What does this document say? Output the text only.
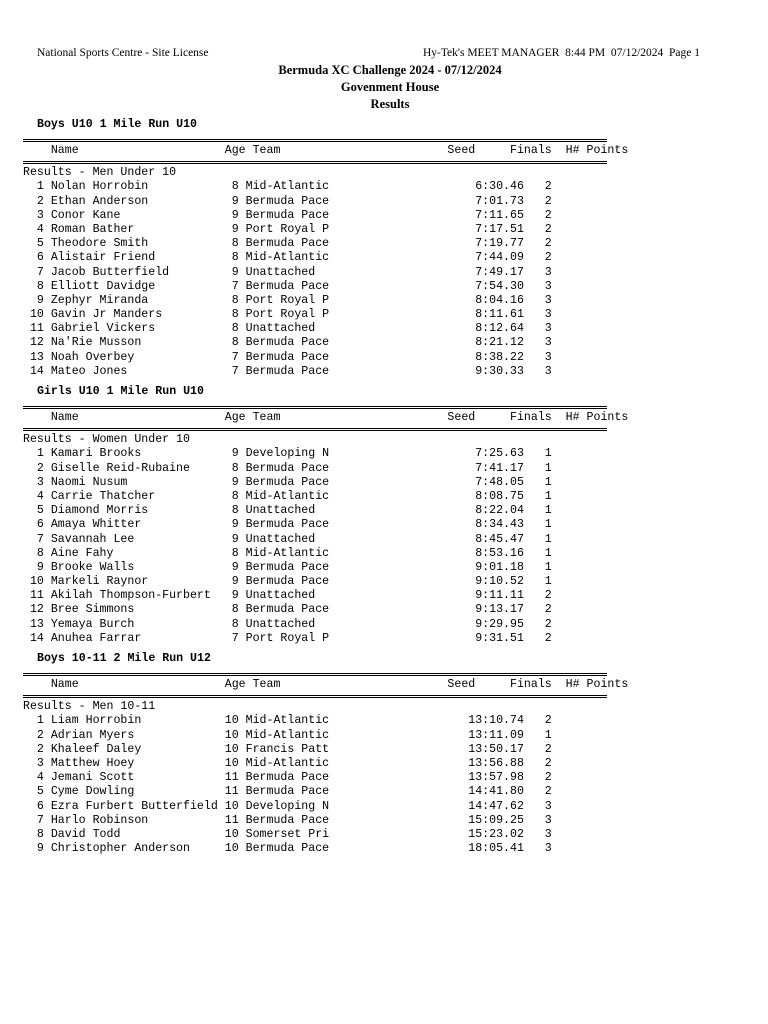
National Sports Centre - Site License	Hy-Tek's MEET MANAGER  8:44 PM  07/12/2024  Page 1
Bermuda XC Challenge 2024 - 07/12/2024
Govenment House
Results
Boys U10 1 Mile Run U10
Name                     Age Team                        Seed     Finals  H# Points
Results - Men Under 10
1 Nolan Horrobin            8 Mid-Atlantic                     6:30.46   2
2 Ethan Anderson            9 Bermuda Pace                     7:01.73   2
3 Conor Kane                9 Bermuda Pace                     7:11.65   2
4 Roman Bather              9 Port Royal P                     7:17.51   2
5 Theodore Smith            8 Bermuda Pace                     7:19.77   2
6 Alistair Friend           8 Mid-Atlantic                     7:44.09   2
7 Jacob Butterfield         9 Unattached                       7:49.17   3
8 Elliott Davidge           7 Bermuda Pace                     7:54.30   3
9 Zephyr Miranda            8 Port Royal P                     8:04.16   3
10 Gavin Jr Manders          8 Port Royal P                     8:11.61   3
11 Gabriel Vickers           8 Unattached                       8:12.64   3
12 Na'Rie Musson             8 Bermuda Pace                     8:21.12   3
13 Noah Overbey              7 Bermuda Pace                     8:38.22   3
14 Mateo Jones               7 Bermuda Pace                     9:30.33   3
Girls U10 1 Mile Run U10
Name                     Age Team                        Seed     Finals  H# Points
Results - Women Under 10
1 Kamari Brooks             9 Developing N                     7:25.63   1
2 Giselle Reid-Rubaine      8 Bermuda Pace                     7:41.17   1
3 Naomi Nusum               9 Bermuda Pace                     7:48.05   1
4 Carrie Thatcher           8 Mid-Atlantic                     8:08.75   1
5 Diamond Morris            8 Unattached                       8:22.04   1
6 Amaya Whitter             9 Bermuda Pace                     8:34.43   1
7 Savannah Lee              9 Unattached                       8:45.47   1
8 Aine Fahy                 8 Mid-Atlantic                     8:53.16   1
9 Brooke Walls              9 Bermuda Pace                     9:01.18   1
10 Markeli Raynor            9 Bermuda Pace                     9:10.52   1
11 Akilah Thompson-Furbert   9 Unattached                       9:11.11   2
12 Bree Simmons              8 Bermuda Pace                     9:13.17   2
13 Yemaya Burch              8 Unattached                       9:29.95   2
14 Anuhea Farrar             7 Port Royal P                     9:31.51   2
Boys 10-11 2 Mile Run U12
Name                     Age Team                        Seed     Finals  H# Points
Results - Men 10-11
1 Liam Horrobin            10 Mid-Atlantic                    13:10.74   2
2 Adrian Myers             10 Mid-Atlantic                    13:11.09   1
2 Khaleef Daley            10 Francis Patt                    13:50.17   2
3 Matthew Hoey             10 Mid-Atlantic                    13:56.88   2
4 Jemani Scott             11 Bermuda Pace                    13:57.98   2
5 Cyme Dowling             11 Bermuda Pace                    14:41.80   2
6 Ezra Furbert Butterfield 10 Developing N                    14:47.62   3
7 Harlo Robinson           11 Bermuda Pace                    15:09.25   3
8 David Todd               10 Somerset Pri                    15:23.02   3
9 Christopher Anderson     10 Bermuda Pace                    18:05.41   3
